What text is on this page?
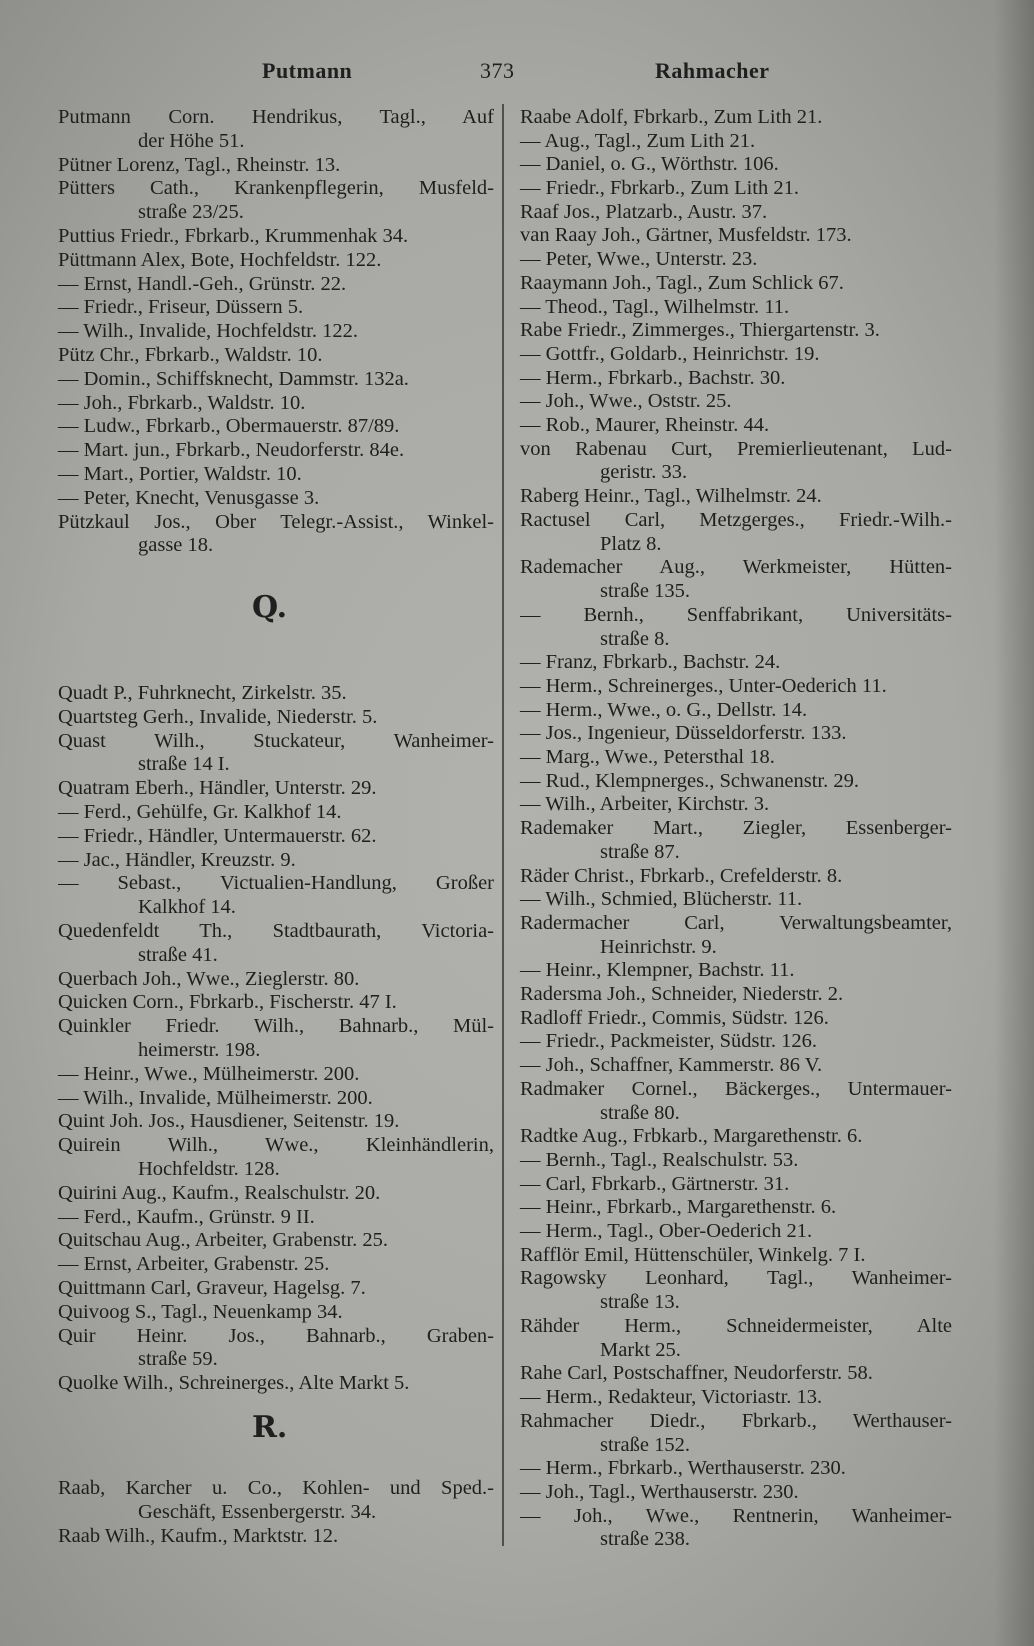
Putmann	373	Rahmacher
Putmann Corn. Hendrikus, Tagl., Auf
der Höhe 51.
Pütner Lorenz, Tagl., Rheinstr. 13.
Pütters Cath., Krankenpflegerin, Musfeld-
straße 23/25.
Puttius Friedr., Fbrkarb., Krummenhak 34.
Püttmann Alex, Bote, Hochfeldstr. 122.
— Ernst, Handl.-Geh., Grünstr. 22.
— Friedr., Friseur, Düssern 5.
— Wilh., Invalide, Hochfeldstr. 122.
Pütz Chr., Fbrkarb., Waldstr. 10.
— Domin., Schiffsknecht, Dammstr. 132a.
— Joh., Fbrkarb., Waldstr. 10.
— Ludw., Fbrkarb., Obermauerstr. 87/89.
— Mart. jun., Fbrkarb., Neudorferstr. 84e.
— Mart., Portier, Waldstr. 10.
— Peter, Knecht, Venusgasse 3.
Pützkaul Jos., Ober Telegr.-Assist., Winkel-
gasse 18.
Q.
Quadt P., Fuhrknecht, Zirkelstr. 35.
Quartsteg Gerh., Invalide, Niederstr. 5.
Quast Wilh., Stuckateur, Wanheimer-
straße 14 I.
Quatram Eberh., Händler, Unterstr. 29.
— Ferd., Gehülfe, Gr. Kalkhof 14.
— Friedr., Händler, Untermauerstr. 62.
— Jac., Händler, Kreuzstr. 9.
— Sebast., Victualien-Handlung, Großer
Kalkhof 14.
Quedenfeldt Th., Stadtbaurath, Victoria-
straße 41.
Querbach Joh., Wwe., Zieglerstr. 80.
Quicken Corn., Fbrkarb., Fischerstr. 47 I.
Quinkler Friedr. Wilh., Bahnarb., Mül-
heimerstr. 198.
— Heinr., Wwe., Mülheimerstr. 200.
— Wilh., Invalide, Mülheimerstr. 200.
Quint Joh. Jos., Hausdiener, Seitenstr. 19.
Quirein Wilh., Wwe., Kleinhändlerin,
Hochfeldstr. 128.
Quirini Aug., Kaufm., Realschulstr. 20.
— Ferd., Kaufm., Grünstr. 9 II.
Quitschau Aug., Arbeiter, Grabenstr. 25.
— Ernst, Arbeiter, Grabenstr. 25.
Quittmann Carl, Graveur, Hagelsg. 7.
Quivoog S., Tagl., Neuenkamp 34.
Quir Heinr. Jos., Bahnarb., Graben-
straße 59.
Quolke Wilh., Schreinerges., Alte Markt 5.
R.
Raab, Karcher u. Co., Kohlen- und Sped.-
Geschäft, Essenbergerstr. 34.
Raab Wilh., Kaufm., Marktstr. 12.
Raabe Adolf, Fbrkarb., Zum Lith 21.
— Aug., Tagl., Zum Lith 21.
— Daniel, o. G., Wörthstr. 106.
— Friedr., Fbrkarb., Zum Lith 21.
Raaf Jos., Platzarb., Austr. 37.
van Raay Joh., Gärtner, Musfeldstr. 173.
— Peter, Wwe., Unterstr. 23.
Raaymann Joh., Tagl., Zum Schlick 67.
— Theod., Tagl., Wilhelmstr. 11.
Rabe Friedr., Zimmerges., Thiergartenstr. 3.
— Gottfr., Goldarb., Heinrichstr. 19.
— Herm., Fbrkarb., Bachstr. 30.
— Joh., Wwe., Oststr. 25.
— Rob., Maurer, Rheinstr. 44.
von Rabenau Curt, Premierlieutenant, Lud-
geristr. 33.
Raberg Heinr., Tagl., Wilhelmstr. 24.
Ractusel Carl, Metzgerges., Friedr.-Wilh.-
Platz 8.
Rademacher Aug., Werkmeister, Hütten-
straße 135.
— Bernh., Senffabrikant, Universitäts-
straße 8.
— Franz, Fbrkarb., Bachstr. 24.
— Herm., Schreinerges., Unter-Oederich 11.
— Herm., Wwe., o. G., Dellstr. 14.
— Jos., Ingenieur, Düsseldorferstr. 133.
— Marg., Wwe., Petersthal 18.
— Rud., Klempnerges., Schwanenstr. 29.
— Wilh., Arbeiter, Kirchstr. 3.
Rademaker Mart., Ziegler, Essenberger-
straße 87.
Räder Christ., Fbrkarb., Crefelderstr. 8.
— Wilh., Schmied, Blücherstr. 11.
Radermacher Carl, Verwaltungsbeamter,
Heinrichstr. 9.
— Heinr., Klempner, Bachstr. 11.
Radersma Joh., Schneider, Niederstr. 2.
Radloff Friedr., Commis, Südstr. 126.
— Friedr., Packmeister, Südstr. 126.
— Joh., Schaffner, Kammerstr. 86 V.
Radmaker Cornel., Bäckerges., Untermauer-
straße 80.
Radtke Aug., Frbkarb., Margarethenstr. 6.
— Bernh., Tagl., Realschulstr. 53.
— Carl, Fbrkarb., Gärtnerstr. 31.
— Heinr., Fbrkarb., Margarethenstr. 6.
— Herm., Tagl., Ober-Oederich 21.
Rafflör Emil, Hüttenschüler, Winkelg. 7 I.
Ragowsky Leonhard, Tagl., Wanheimer-
straße 13.
Rähder Herm., Schneidermeister, Alte
Markt 25.
Rahe Carl, Postschaffner, Neudorferstr. 58.
— Herm., Redakteur, Victoriastr. 13.
Rahmacher Diedr., Fbrkarb., Werthauser-
straße 152.
— Herm., Fbrkarb., Werthauserstr. 230.
— Joh., Tagl., Werthauserstr. 230.
— Joh., Wwe., Rentnerin, Wanheimer-
straße 238.
